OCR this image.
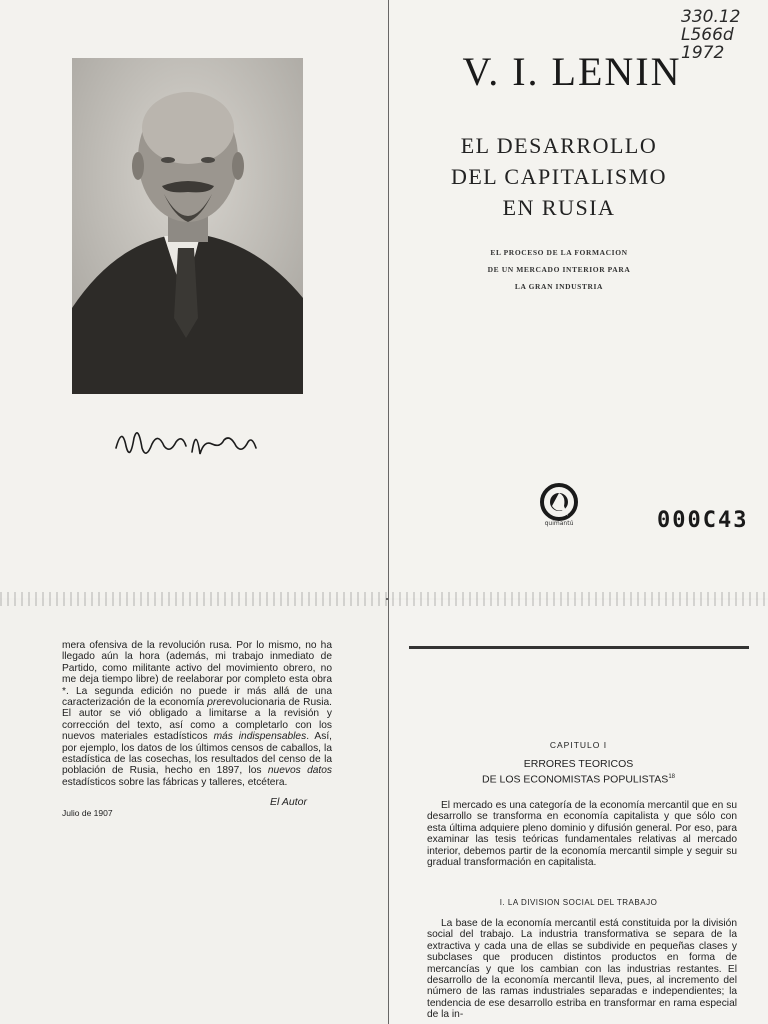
330.12
L566d
1972
V. I. LENIN
EL DESARROLLO
DEL CAPITALISMO
EN RUSIA
EL PROCESO DE LA FORMACION
DE UN MERCADO INTERIOR PARA
LA GRAN INDUSTRIA
quimantú	000C43
mera ofensiva de la revolución rusa. Por lo mismo, no ha llegado aún la hora (además, mi trabajo inmediato de Partido, como militante activo del movimiento obrero, no me deja tiempo libre) de reelaborar por completo esta obra *. La segunda edición no puede ir más allá de una caracterización de la economía prerevolucionaria de Rusia. El autor se vió obligado a limitarse a la revisión y corrección del texto, así como a completarlo con los nuevos materiales estadísticos más indispensables. Así, por ejemplo, los datos de los últimos censos de caballos, la estadística de las cosechas, los resultados del censo de la población de Rusia, hecho en 1897, los nuevos datos estadísticos sobre las fábricas y talleres, etcétera.
El Autor
Julio de 1907
CAPITULO I
ERRORES TEORICOS
DE LOS ECONOMISTAS POPULISTAS$^{18}$
El mercado es una categoría de la economía mercantil que en su desarrollo se transforma en economía capitalista y que sólo con esta última adquiere pleno dominio y difusión general. Por eso, para examinar las tesis teóricas fundamentales relativas al mercado interior, debemos partir de la economía mercantil simple y seguir su gradual transformación en capitalista.
I. LA DIVISION SOCIAL DEL TRABAJO
La base de la economía mercantil está constituida por la división social del trabajo. La industria transformativa se separa de la extractiva y cada una de ellas se subdivide en pequeñas clases y subclases que producen distintos productos en forma de mercancías y que los cambian con las industrias restantes. El desarrollo de la economía mercantil lleva, pues, al incremento del número de las ramas industriales separadas e independientes; la tendencia de ese desarrollo estriba en transformar en rama especial de la in-
